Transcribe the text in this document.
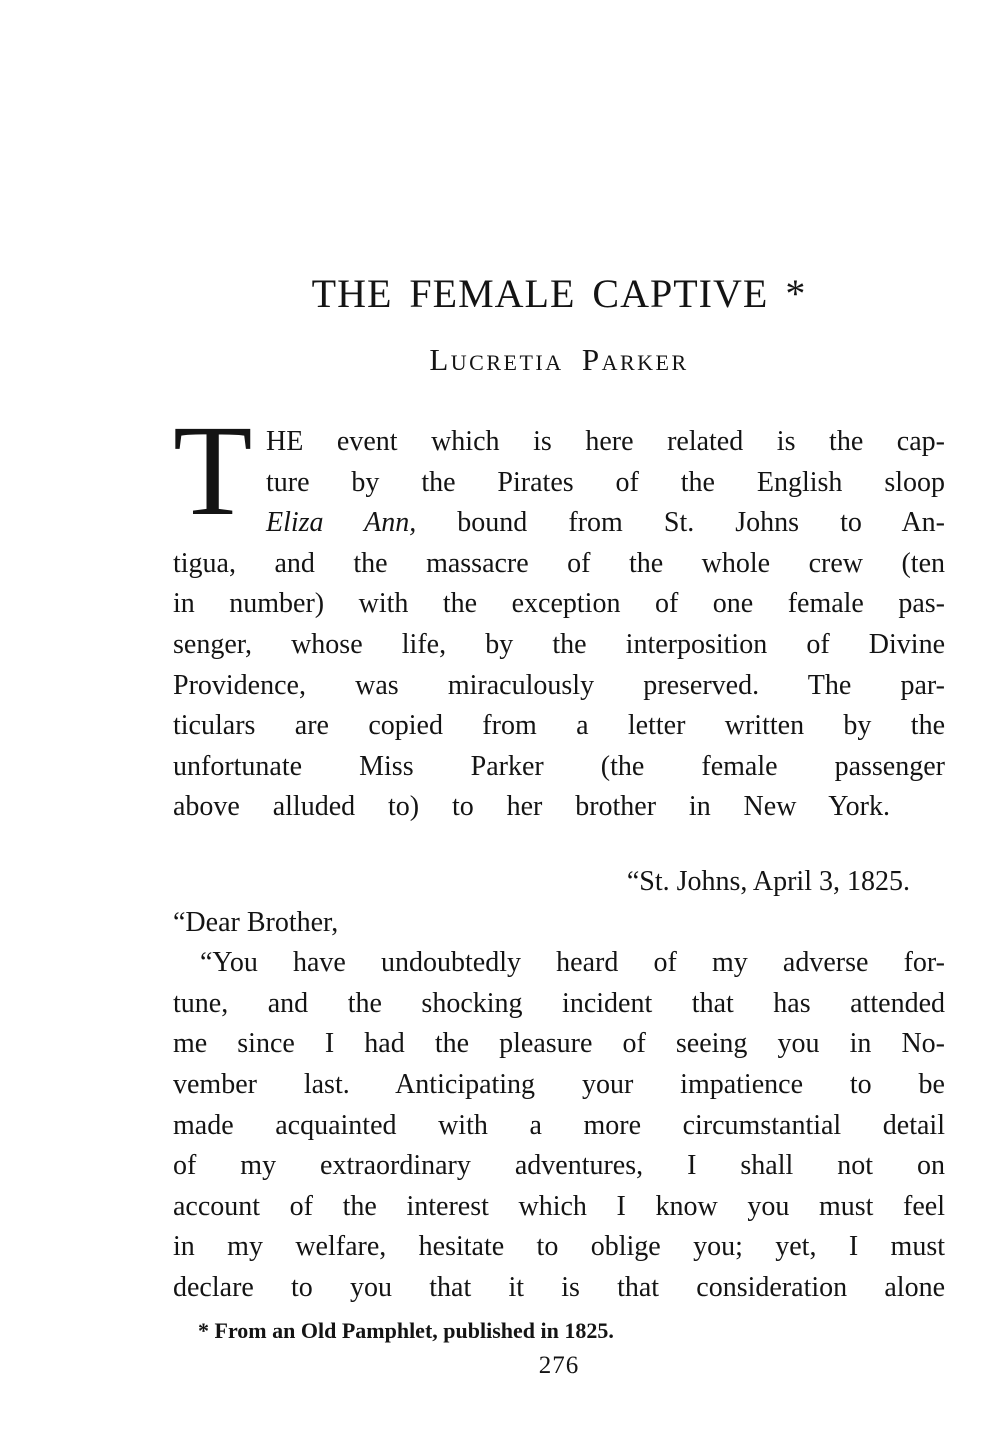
THE FEMALE CAPTIVE *
Lucretia Parker
T HE event which is here related is the cap-
ture by the Pirates of the English sloop
Eliza Ann, bound from St. Johns to An-
tigua, and the massacre of the whole crew (ten
in number) with the exception of one female pas-
senger, whose life, by the interposition of Divine
Providence, was miraculously preserved. The par-
ticulars are copied from a letter written by the
unfortunate Miss Parker (the female passenger
above alluded to) to her brother in New York.
“St. Johns, April 3, 1825.
“Dear Brother,
“You have undoubtedly heard of my adverse for-
tune, and the shocking incident that has attended
me since I had the pleasure of seeing you in No-
vember last. Anticipating your impatience to be
made acquainted with a more circumstantial detail
of my extraordinary adventures, I shall not on
account of the interest which I know you must feel
in my welfare, hesitate to oblige you; yet, I must
declare to you that it is that consideration alone
* From an Old Pamphlet, published in 1825.
276
